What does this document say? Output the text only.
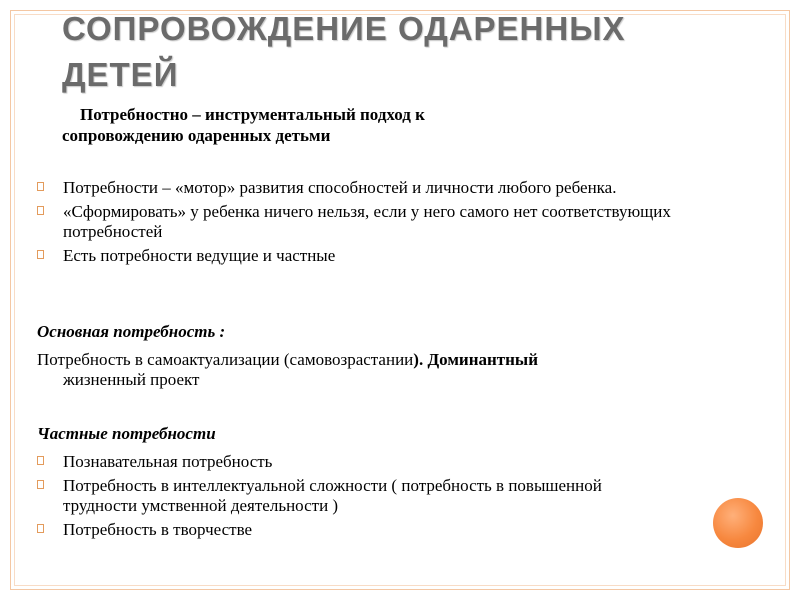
СОПРОВОЖДЕНИЕ ОДАРЕННЫХ ДЕТЕЙ
Потребностно – инструментальный подход к
сопровождению одаренных детьми
Потребности – «мотор» развития способностей и личности любого ребенка.
«Сформировать» у ребенка ничего нельзя, если у него самого нет соответствующих потребностей
Есть потребности ведущие и частные
Основная потребность :
Потребность в самоактуализации (самовозрастании). Доминантный
жизненный проект
Частные потребности
Познавательная потребность
Потребность в интеллектуальной сложности ( потребность в повышенной трудности умственной деятельности )
Потребность в творчестве
